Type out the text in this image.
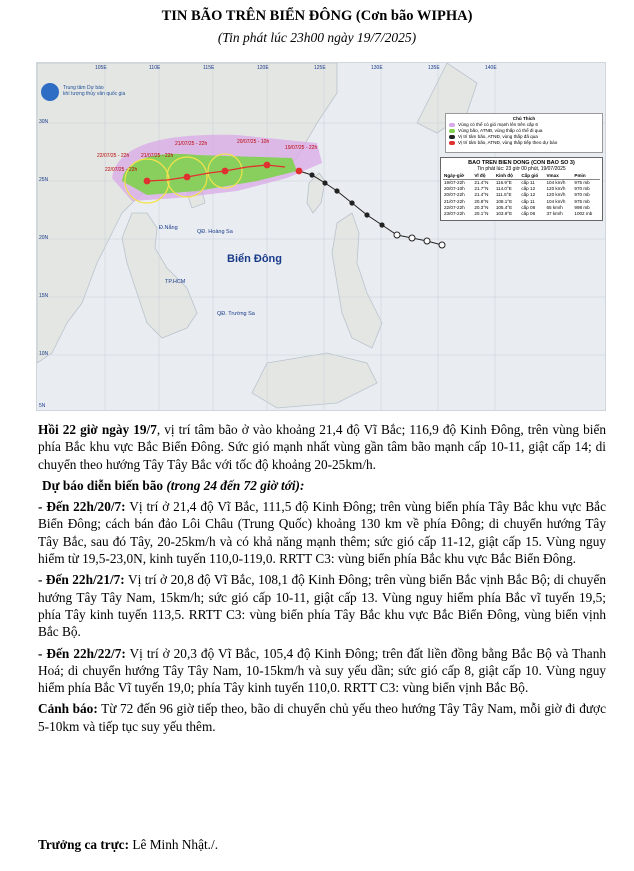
TIN BÃO TRÊN BIỂN ĐÔNG (Cơn bão WIPHA)
(Tin phát lúc 23h00 ngày 19/7/2025)
Trung tâm Dự báo
khí tượng thủy văn quốc gia
105E	110E	115E	120E	125E	130E	135E	140E
30N
25N
20N
15N
10N
5N
22/07/25 - 22h
21/07/25 - 22h	20/07/25 - 10h
19/07/25 - 22h
21/07/25 - 22h
22/07/25 - 22h
Đ.Nẵng
QĐ. Hoàng Sa
TP.HCM
QĐ. Trường Sa
Biển Đông
Chú Thích
Vùng có thể có gió mạnh lên trên cấp 6
Vùng bão, ATNĐ, vùng thấp có thể đi qua
Vị trí tâm bão, ATNĐ, vùng thấp đã qua
Vị trí tâm bão, ATNĐ, vùng thấp tiếp theo dự báo
BAO TREN BIEN DONG (CON BAO SO 3)
Tin phát lúc: 23 giờ 00 phút, 19/07/2025
Ngày-giờ	Vĩ độ	Kinh độ	Cấp gió	Vmax	Pmin
19/07-22h	21.4°N	116.9°E	cấp 11	104 km/h	975 mb
20/07-10h	21.7°N	114.0°E	cấp 12	120 km/h	970 mb
20/07-22h	21.4°N	111.5°E	cấp 12	120 km/h	970 mb
21/07-22h	20.8°N	108.1°E	cấp 11	104 km/h	975 mb
22/07-22h	20.3°N	105.4°E	cấp 08	65 km/h	998 mb
23/07-22h	20.1°N	103.9°E	cấp 06	37 km/h	1002 mb

Hồi 22 giờ ngày 19/7, vị trí tâm bão ở vào khoảng 21,4 độ Vĩ Bắc; 116,9 độ Kinh Đông, trên vùng biển phía Bắc khu vực Bắc Biển Đông. Sức gió mạnh nhất vùng gần tâm bão mạnh cấp 10-11, giật cấp 14; di chuyển theo hướng Tây Tây Bắc với tốc độ khoảng 20-25km/h.

Dự báo diễn biến bão (trong 24 đến 72 giờ tới):

- Đến 22h/20/7: Vị trí ở 21,4 độ Vĩ Bắc, 111,5 độ Kinh Đông; trên vùng biển phía Tây Bắc khu vực Bắc Biển Đông; cách bán đảo Lôi Châu (Trung Quốc) khoảng 130 km về phía Đông; di chuyển hướng Tây Tây Bắc, sau đó Tây, 20-25km/h và có khả năng mạnh thêm; sức gió cấp 11-12, giật cấp 15. Vùng nguy hiểm từ 19,5-23,0N, kinh tuyến 110,0-119,0. RRTT C3: vùng biển phía Bắc khu vực Bắc Biển Đông.

- Đến 22h/21/7: Vị trí ở 20,8 độ Vĩ Bắc, 108,1 độ Kinh Đông; trên vùng biển Bắc vịnh Bắc Bộ; di chuyển hướng Tây Tây Nam, 15km/h; sức gió cấp 10-11, giật cấp 13. Vùng nguy hiểm phía Bắc vĩ tuyến 19,5; phía Tây kinh tuyến 113,5. RRTT C3: vùng biển phía Tây Bắc khu vực Bắc Biển Đông, vùng biển vịnh Bắc Bộ.

- Đến 22h/22/7: Vị trí ở 20,3 độ Vĩ Bắc, 105,4 độ Kinh Đông; trên đất liền đồng bằng Bắc Bộ và Thanh Hoá; di chuyển hướng Tây Tây Nam, 10-15km/h và suy yếu dần; sức gió cấp 8, giật cấp 10. Vùng nguy hiểm phía Bắc Vĩ tuyến 19,0; phía Tây kinh tuyến 110,0. RRTT C3: vùng biển vịnh Bắc Bộ.

Cảnh báo: Từ 72 đến 96 giờ tiếp theo, bão di chuyển chủ yếu theo hướng Tây Tây Nam, mỗi giờ đi được 5-10km và tiếp tục suy yếu thêm.

Trưởng ca trực: Lê Minh Nhật./.
